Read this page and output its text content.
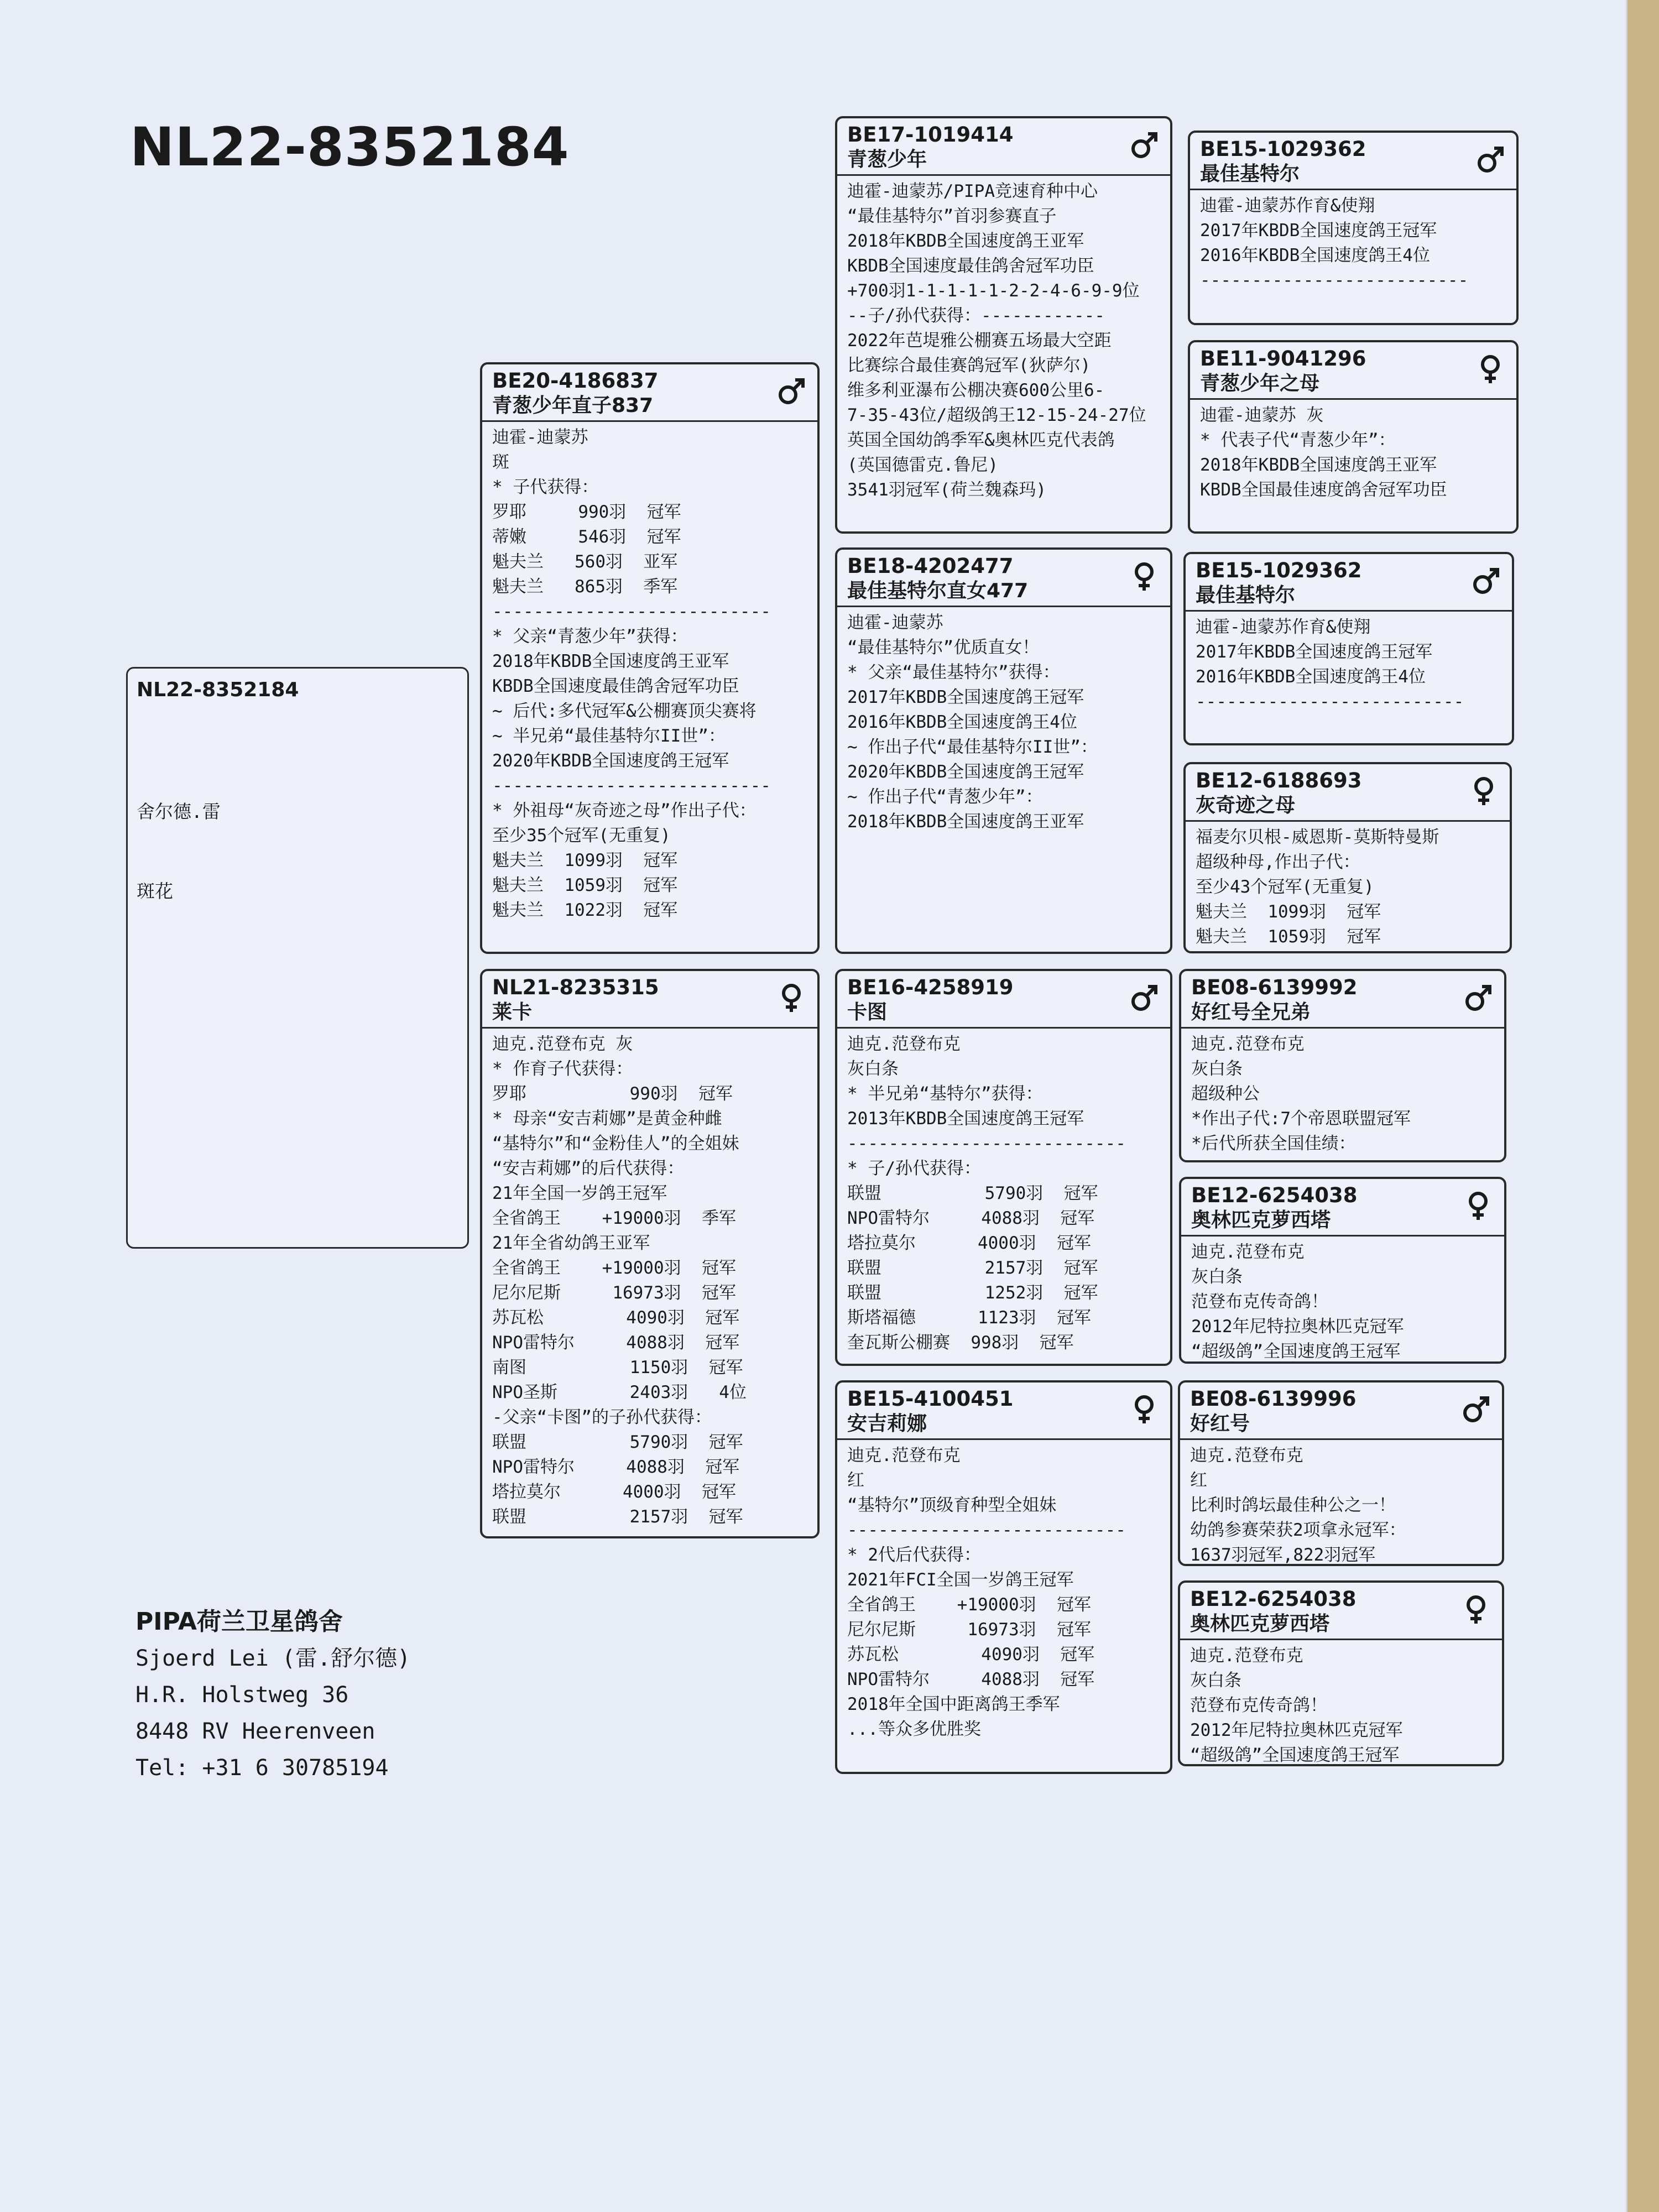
NL22-8352184
NL22-8352184

舍尔德.雷

斑花

BE20-4186837
青葱少年直子837
迪霍-迪蒙苏
斑
* 子代获得：
罗耶     990羽  冠军
蒂嫩     546羽  冠军
魁夫兰   560羽  亚军
魁夫兰   865羽  季军
---------------------------
* 父亲“青葱少年”获得：
2018年KBDB全国速度鸽王亚军
KBDB全国速度最佳鸽舍冠军功臣
~ 后代:多代冠军&公棚赛顶尖赛将
~ 半兄弟“最佳基特尔II世”：
2020年KBDB全国速度鸽王冠军
---------------------------
* 外祖母“灰奇迹之母”作出子代：
至少35个冠军(无重复)
魁夫兰  1099羽  冠军
魁夫兰  1059羽  冠军
魁夫兰  1022羽  冠军
NL21-8235315
莱卡
迪克.范登布克 灰
* 作育子代获得：
罗耶          990羽  冠军
* 母亲“安吉莉娜”是黄金种雌
“基特尔”和“金粉佳人”的全姐妹
“安吉莉娜”的后代获得：
21年全国一岁鸽王冠军
全省鸽王    +19000羽  季军
21年全省幼鸽王亚军
全省鸽王    +19000羽  冠军
尼尔尼斯     16973羽  冠军
苏瓦松        4090羽  冠军
NPO雷特尔     4088羽  冠军
南图          1150羽  冠军
NPO圣斯       2403羽   4位
-父亲“卡图”的子孙代获得：
联盟          5790羽  冠军
NPO雷特尔     4088羽  冠军
塔拉莫尔      4000羽  冠军
联盟          2157羽  冠军
BE17-1019414
青葱少年
迪霍-迪蒙苏/PIPA竞速育种中心
“最佳基特尔”首羽参赛直子
2018年KBDB全国速度鸽王亚军
KBDB全国速度最佳鸽舍冠军功臣
+700羽1-1-1-1-1-2-2-4-6-9-9位
--子/孙代获得：------------
2022年芭堤雅公棚赛五场最大空距
比赛综合最佳赛鸽冠军(狄萨尔)
维多利亚瀑布公棚决赛600公里6-
7-35-43位/超级鸽王12-15-24-27位
英国全国幼鸽季军&奥林匹克代表鸽
(英国德雷克.鲁尼)
3541羽冠军(荷兰魏森玛)
BE18-4202477
最佳基特尔直女477
迪霍-迪蒙苏
“最佳基特尔”优质直女！
* 父亲“最佳基特尔”获得：
2017年KBDB全国速度鸽王冠军
2016年KBDB全国速度鸽王4位
~ 作出子代“最佳基特尔II世”：
2020年KBDB全国速度鸽王冠军
~ 作出子代“青葱少年”：
2018年KBDB全国速度鸽王亚军
BE16-4258919
卡图
迪克.范登布克
灰白条
* 半兄弟“基特尔”获得：
2013年KBDB全国速度鸽王冠军
---------------------------
* 子/孙代获得：
联盟          5790羽  冠军
NPO雷特尔     4088羽  冠军
塔拉莫尔      4000羽  冠军
联盟          2157羽  冠军
联盟          1252羽  冠军
斯塔福德      1123羽  冠军
奎瓦斯公棚赛  998羽  冠军
BE15-4100451
安吉莉娜
迪克.范登布克
红
“基特尔”顶级育种型全姐妹
---------------------------
* 2代后代获得：
2021年FCI全国一岁鸽王冠军
全省鸽王    +19000羽  冠军
尼尔尼斯     16973羽  冠军
苏瓦松        4090羽  冠军
NPO雷特尔     4088羽  冠军
2018年全国中距离鸽王季军
...等众多优胜奖
BE15-1029362
最佳基特尔
迪霍-迪蒙苏作育&使翔
2017年KBDB全国速度鸽王冠军
2016年KBDB全国速度鸽王4位
--------------------------
BE11-9041296
青葱少年之母
迪霍-迪蒙苏 灰
* 代表子代“青葱少年”：
2018年KBDB全国速度鸽王亚军
KBDB全国最佳速度鸽舍冠军功臣
BE15-1029362
最佳基特尔
迪霍-迪蒙苏作育&使翔
2017年KBDB全国速度鸽王冠军
2016年KBDB全国速度鸽王4位
--------------------------
BE12-6188693
灰奇迹之母
福麦尔贝根-威恩斯-莫斯特曼斯
超级种母,作出子代：
至少43个冠军(无重复)
魁夫兰  1099羽  冠军
魁夫兰  1059羽  冠军
BE08-6139992
好红号全兄弟
迪克.范登布克
灰白条
超级种公
*作出子代:7个帝恩联盟冠军
*后代所获全国佳绩：
BE12-6254038
奥林匹克萝西塔
迪克.范登布克
灰白条
范登布克传奇鸽！
2012年尼特拉奥林匹克冠军
“超级鸽”全国速度鸽王冠军
BE08-6139996
好红号
迪克.范登布克
红
比利时鸽坛最佳种公之一！
幼鸽参赛荣获2项拿永冠军：
1637羽冠军,822羽冠军
BE12-6254038
奥林匹克萝西塔
迪克.范登布克
灰白条
范登布克传奇鸽！
2012年尼特拉奥林匹克冠军
“超级鸽”全国速度鸽王冠军
PIPA荷兰卫星鸽舍
Sjoerd Lei (雷.舒尔德)
H.R. Holstweg 36
8448 RV Heerenveen
Tel: +31 6 30785194
